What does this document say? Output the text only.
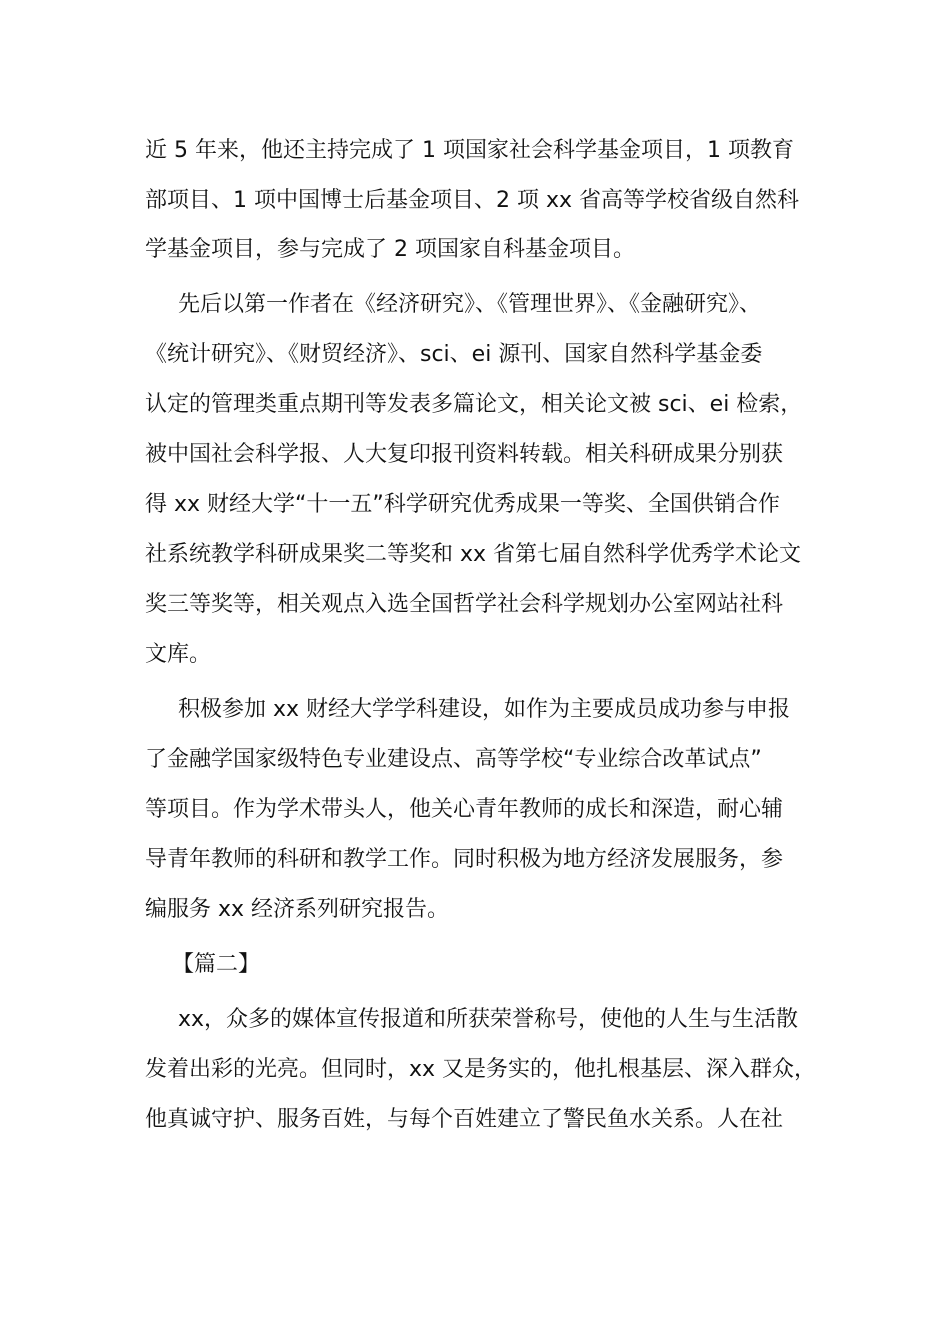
近 5 年来，他还主持完成了 1 项国家社会科学基金项目，1 项教育
部项目、1 项中国博士后基金项目、2 项 xx 省高等学校省级自然科
学基金项目，参与完成了 2 项国家自科基金项目。
先后以第一作者在《经济研究》、《管理世界》、《金融研究》、
《统计研究》、《财贸经济》、sci、ei 源刊、国家自然科学基金委
认定的管理类重点期刊等发表多篇论文，相关论文被 sci、ei 检索，
被中国社会科学报、人大复印报刊资料转载。相关科研成果分别获
得 xx 财经大学“十一五”科学研究优秀成果一等奖、全国供销合作
社系统教学科研成果奖二等奖和 xx 省第七届自然科学优秀学术论文
奖三等奖等，相关观点入选全国哲学社会科学规划办公室网站社科
文库。
积极参加 xx 财经大学学科建设，如作为主要成员成功参与申报
了金融学国家级特色专业建设点、高等学校“专业综合改革试点”
等项目。作为学术带头人，他关心青年教师的成长和深造，耐心辅
导青年教师的科研和教学工作。同时积极为地方经济发展服务，参
编服务 xx 经济系列研究报告。
【篇二】
xx，众多的媒体宣传报道和所获荣誉称号，使他的人生与生活散
发着出彩的光亮。但同时，xx 又是务实的，他扎根基层、深入群众，
他真诚守护、服务百姓，与每个百姓建立了警民鱼水关系。人在社
